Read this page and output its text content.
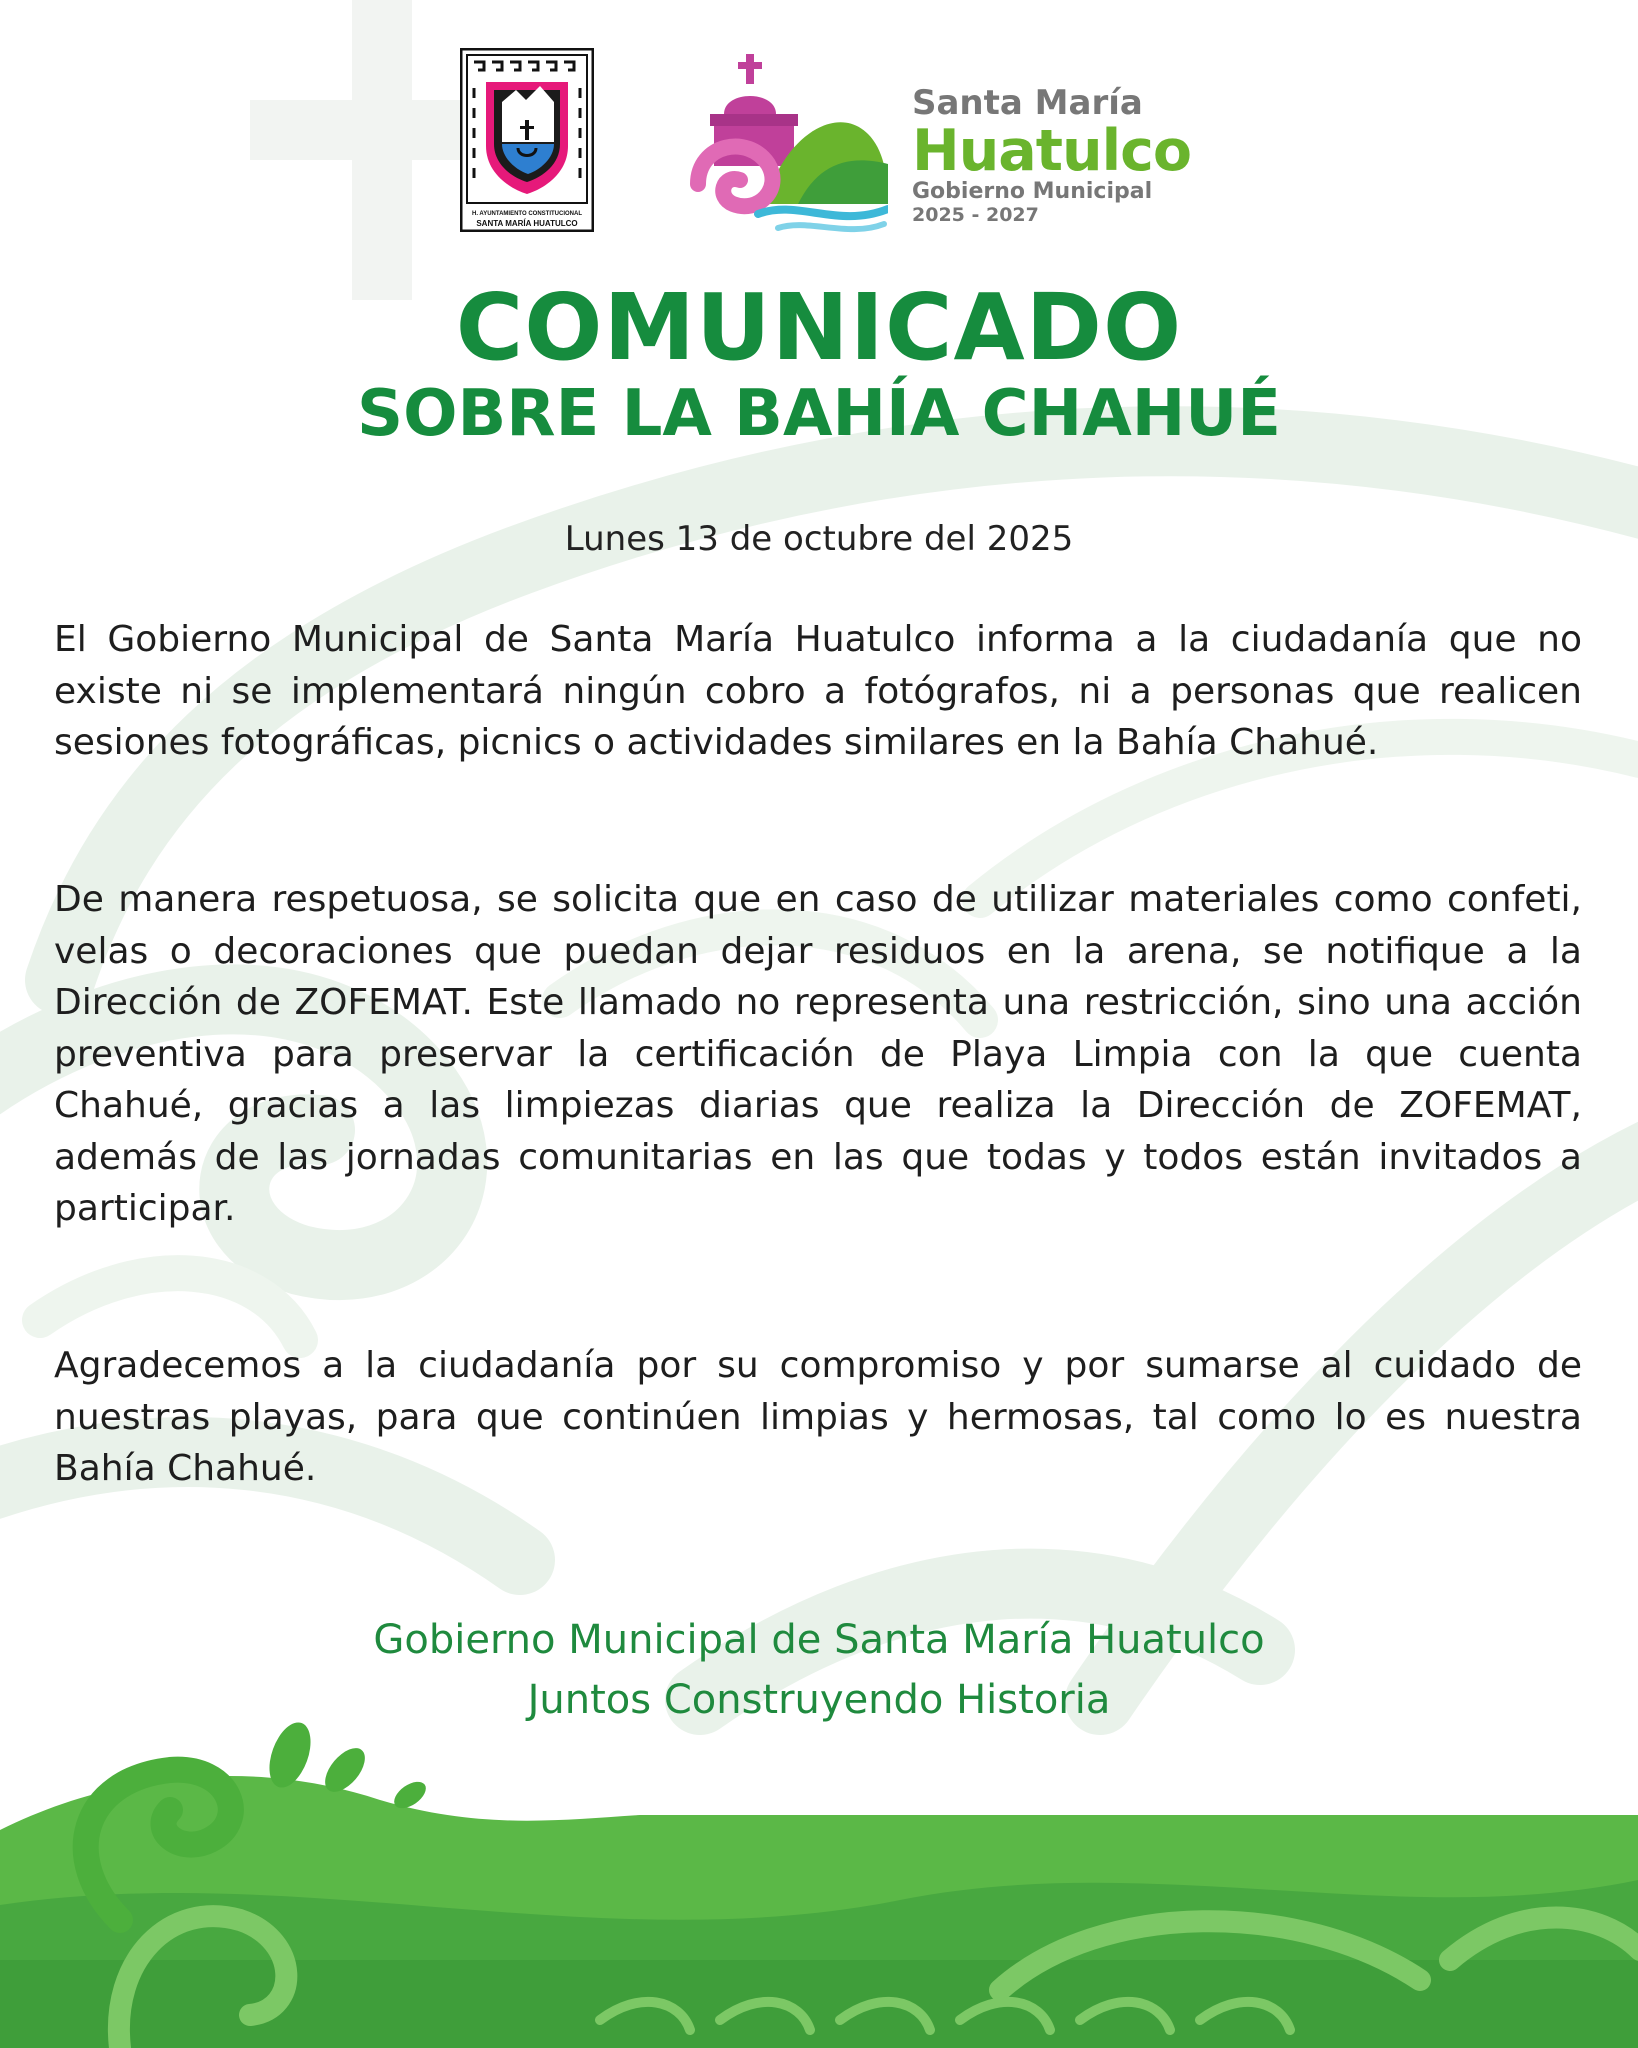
H. AYUNTAMIENTO CONSTITUCIONAL
SANTA MARÍA HUATULCO
Santa María
Huatulco
Gobierno Municipal
2025 - 2027
COMUNICADO
SOBRE LA BAHÍA CHAHUÉ
Lunes 13 de octubre del 2025
El Gobierno Municipal de Santa María Huatulco informa a la ciudadanía que no existe ni se implementará ningún cobro a fotógrafos, ni a personas que realicen sesiones fotográficas, picnics o actividades similares en la Bahía Chahué.
De manera respetuosa, se solicita que en caso de utilizar materiales como confeti, velas o decoraciones que puedan dejar residuos en la arena, se notifique a la Dirección de ZOFEMAT. Este llamado no representa una restricción, sino una acción preventiva para preservar la certificación de Playa Limpia con la que cuenta Chahué, gracias a las limpiezas diarias que realiza la Dirección de ZOFEMAT, además de las jornadas comunitarias en las que todas y todos están invitados a participar.
Agradecemos a la ciudadanía por su compromiso y por sumarse al cuidado de nuestras playas, para que continúen limpias y hermosas, tal como lo es nuestra Bahía Chahué.
Gobierno Municipal de Santa María Huatulco
Juntos Construyendo Historia
